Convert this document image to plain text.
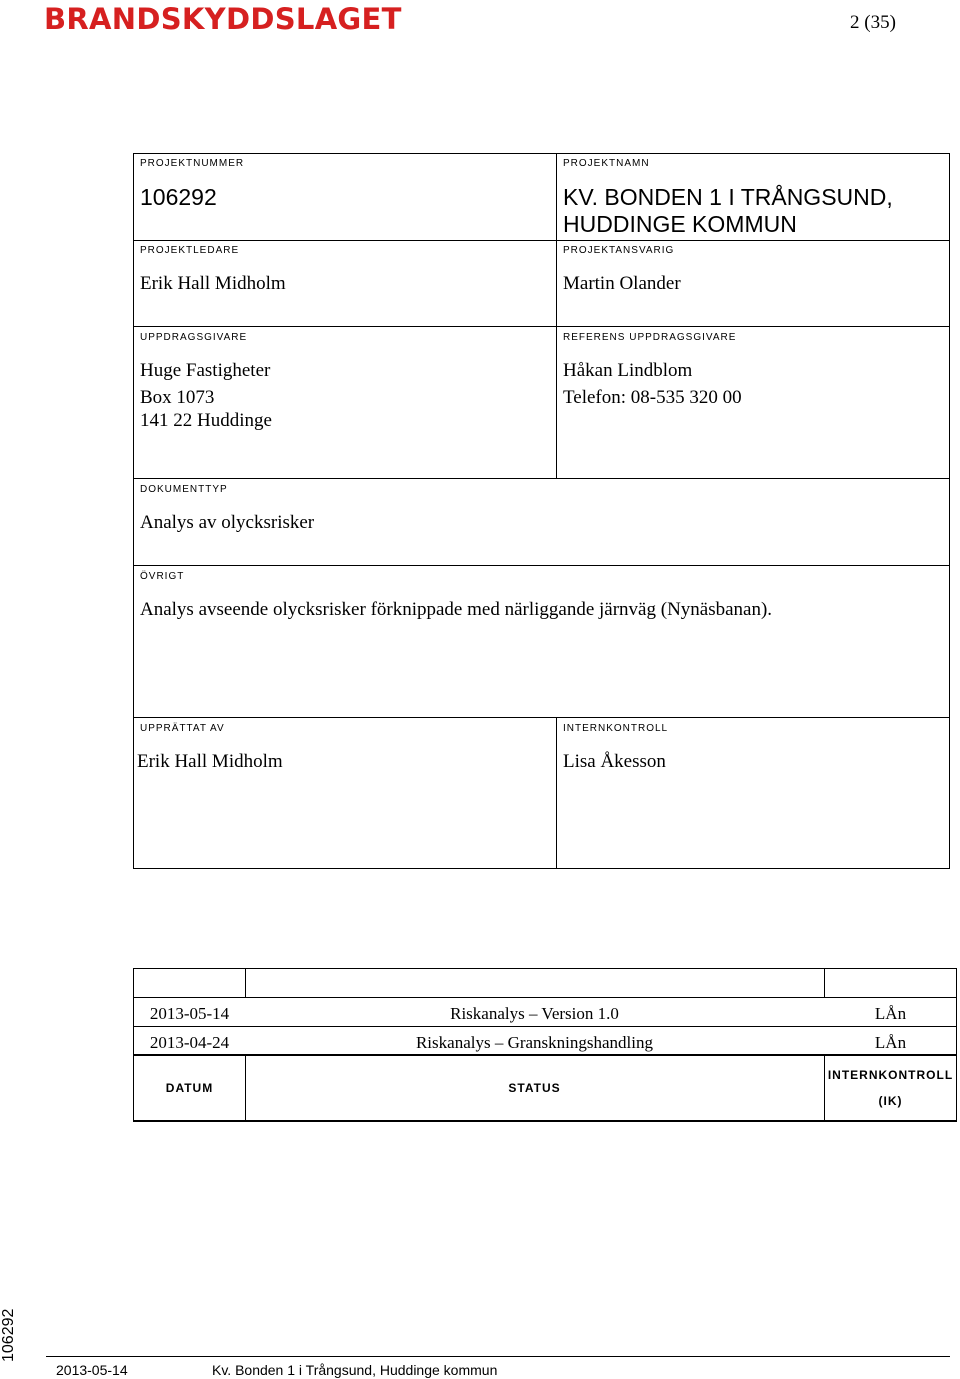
BRANDSKYDDSLAGET	2 (35)
PROJEKTNUMMER
106292
PROJEKTNAMN
KV. BONDEN 1 I TRÅNGSUND,
HUDDINGE KOMMUN
PROJEKTLEDARE
Erik Hall Midholm
PROJEKTANSVARIG
Martin Olander
UPPDRAGSGIVARE
Huge Fastigheter
Box 1073
141 22 Huddinge
REFERENS UPPDRAGSGIVARE
Håkan Lindblom
Telefon: 08-535 320 00
DOKUMENTTYP
Analys av olycksrisker
ÖVRIGT
Analys avseende olycksrisker förknippade med närliggande järnväg (Nynäsbanan).
UPPRÄTTAT AV
Erik Hall Midholm
INTERNKONTROLL
Lisa Åkesson
2013-05-14	Riskanalys – Version 1.0	LÅn
2013-04-24	Riskanalys – Granskningshandling	LÅn
DATUM	STATUS
INTERNKONTROLL
(IK)
106292
2013-05-14	Kv. Bonden 1 i Trångsund, Huddinge kommun
